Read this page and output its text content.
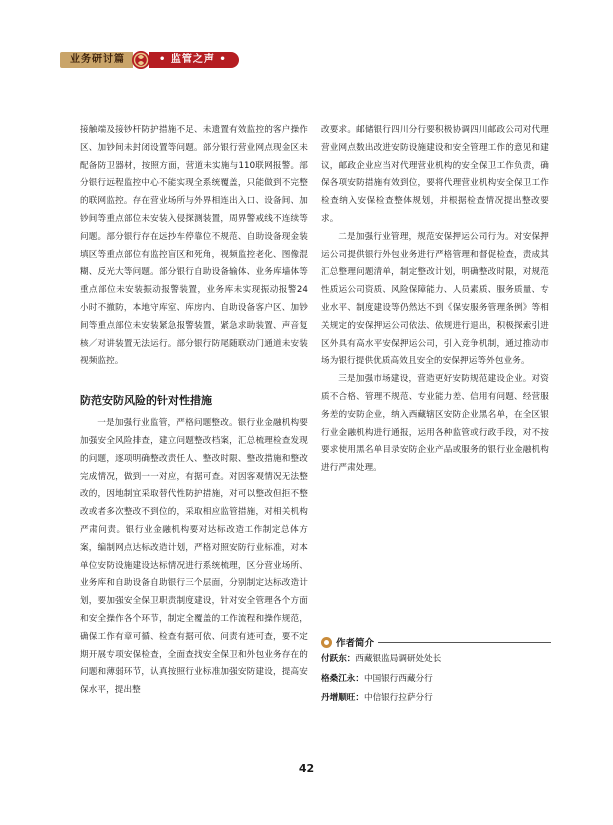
业务研讨篇	• 监管之声 •

接触端及接钞杆防护措施不足、未遗置有效监控的客户操作区、加钞间未封闭设置等问题。部分银行营业网点现金区未配备防卫器材，按照方面，营道未实施与110联网报警。部分银行远程监控中心不能实现全系统覆盖，只能做到不完整的联网监控。存在营业场所与外界相连出入口、设备间、加钞间等重点部位未安装入侵探测装置，周界警戒线不连续等问题。部分银行存在远抄车停靠位不规范、自助设备现金装填区等重点部位有监控盲区和死角，视频监控老化、图像混糊、反光大等问题。部分银行自助设备输体、业务库墙体等重点部位未安装振动报警装置，业务库未实现振动报警24小时不撤防，本地守库室、库房内、自助设备客户区、加钞间等重点部位未安装紧急报警装置，紧急求助装置、声音复核／对讲装置无法运行。部分银行防尾随联动门通道未安装视频监控。

防范安防风险的针对性措施

一是加强行业监管，严格问题整改。银行业金融机构要加强安全风险排查，建立问题整改档案，汇总梳理检查发现的问题，逐项明确整改责任人、整改时限、整改措施和整改完成情况，做到一一对应，有据可查。对因客观情况无法整改的，因地制宜采取替代性防护措施，对可以整改但拒不整改或者多次整改不到位的，采取相应监管措施，对相关机构严肃问责。银行业金融机构要对达标改造工作制定总体方案，编制网点达标改造计划，严格对照安防行业标准，对本单位安防设施建设达标情况进行系统梳理，区分营业场所、业务库和自助设备自助银行三个层面，分别制定达标改造计划，要加强安全保卫职责制度建设，针对安全管理各个方面和安全操作各个环节，制定全覆盖的工作流程和操作规范，确保工作有章可循、检查有据可依、问责有迹可查，要不定期开展专项安保检查，全面查找安全保卫和外包业务存在的问题和薄弱环节，认真按照行业标准加强安防建设，提高安保水平，提出整

改要求。邮储银行四川分行要积极协调四川邮政公司对代理营业网点数出改进安防设施建设和安全管理工作的意见和建议，邮政企业应当对代理营业机构的安全保卫工作负责，确保各项安防措施有效到位，要将代理营业机构安全保卫工作检查纳入安保检查整体规划，并根据检查情况提出整改要求。

二是加强行业管理，规范安保押运公司行为。对安保押运公司提供银行外包业务进行严格管理和督促检查，责成其汇总整理问题清单，制定整改计划，明确整改时限，对规范性质运公司资质、风险保障能力、人员素质、服务质量、专业水平、制度建设等仍然达不到《保安服务管理条例》等相关规定的安保押运公司依法、依规进行退出，积极探索引进区外具有高水平安保押运公司，引入竞争机制，通过推动市场为银行提供优质高效且安全的安保押运等外包业务。

三是加强市场建设，营造更好安防规范建设企业。对资质不合格、管理不规范、专业能力差、信用有问题、经营服务差的安防企业，纳入西藏辖区安防企业黑名单，在全区银行业金融机构进行通报，运用各种监管或行政手段，对不按要求使用黑名单目录安防企业产品或服务的银行业金融机构进行严肃处理。

作者简介
付跃东：西藏银监局调研处处长
格桑江永：中国银行西藏分行
丹增顺旺：中信银行拉萨分行
42
